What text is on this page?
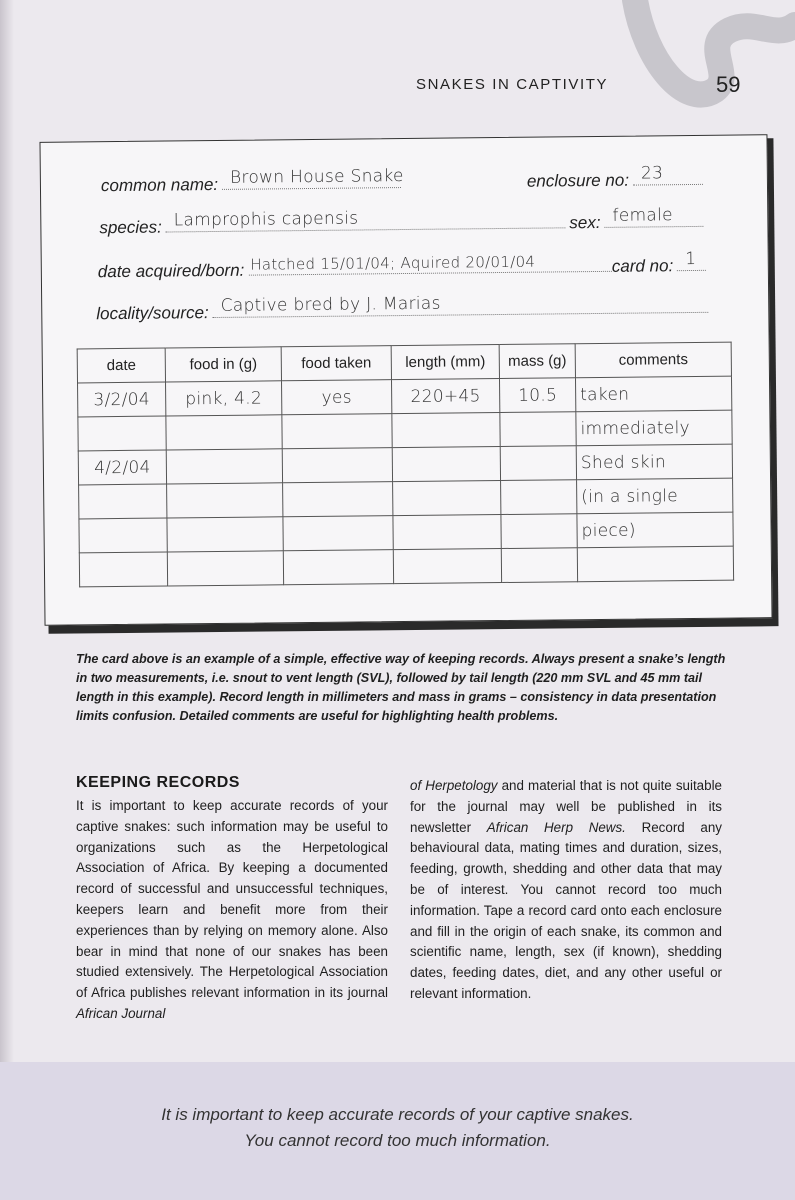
SNAKES IN CAPTIVITY	59
common name: Brown House Snake	enclosure no: 23
species: Lamprophis capensis	sex: female
date acquired/born: Hatched 15/01/04; Aquired 20/01/04	card no: 1
locality/source: Captive bred by J. Marias
date	food in (g)	food taken	length (mm)	mass (g)	comments
3/2/04	pink, 4.2	yes	220+45	10.5	taken
					immediately
4/2/04					Shed skin
					(in a single
					piece)

The card above is an example of a simple, effective way of keeping records. Always present a snake’s length in two measurements, i.e. snout to vent length (SVL), followed by tail length (220 mm SVL and 45 mm tail length in this example). Record length in millimeters and mass in grams – consistency in data presentation limits confusion. Detailed comments are useful for highlighting health problems.
KEEPING RECORDS
It is important to keep accurate records of your captive snakes: such information may be useful to organizations such as the Herpetological Association of Africa. By keeping a documented record of successful and unsuccessful techniques, keepers learn and benefit more from their experiences than by relying on memory alone. Also bear in mind that none of our snakes has been studied extensively. The Herpetological Association of Africa publishes relevant information in its journal African Journal
of Herpetology and material that is not quite suitable for the journal may well be published in its newsletter African Herp News. Record any behavioural data, mating times and duration, sizes, feeding, growth, shedding and other data that may be of interest. You cannot record too much information. Tape a record card onto each enclosure and fill in the origin of each snake, its common and scientific name, length, sex (if known), shedding dates, feeding dates, diet, and any other useful or relevant information.
It is important to keep accurate records of your captive snakes.
You cannot record too much information.
